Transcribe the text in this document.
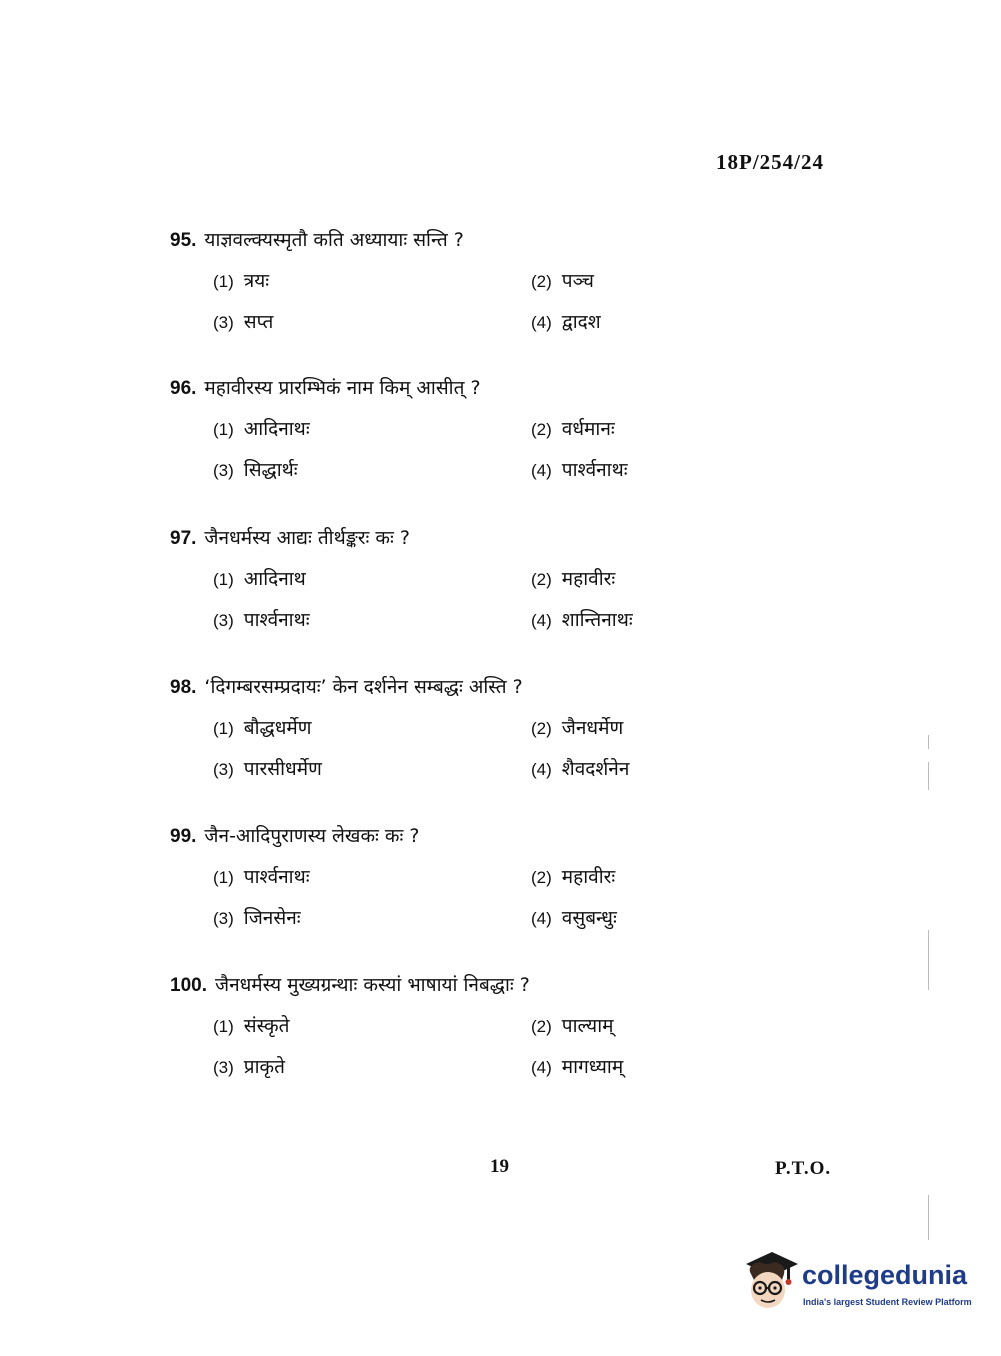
18P/254/24
95. याज्ञवल्क्यस्मृतौ कति अध्यायाः सन्ति ?
(1) त्रयः	(2) पञ्च
(3) सप्त	(4) द्वादश
96. महावीरस्य प्रारम्भिकं नाम किम् आसीत् ?
(1) आदिनाथः	(2) वर्धमानः
(3) सिद्धार्थः	(4) पार्श्वनाथः
97. जैनधर्मस्य आद्यः तीर्थङ्करः कः ?
(1) आदिनाथ	(2) महावीरः
(3) पार्श्वनाथः	(4) शान्तिनाथः
98. ‘दिगम्बरसम्प्रदायः’ केन दर्शनेन सम्बद्धः अस्ति ?
(1) बौद्धधर्मेण	(2) जैनधर्मेण
(3) पारसीधर्मेण	(4) शैवदर्शनेन
99. जैन-आदिपुराणस्य लेखकः कः ?
(1) पार्श्वनाथः	(2) महावीरः
(3) जिनसेनः	(4) वसुबन्धुः
100. जैनधर्मस्य मुख्यग्रन्थाः कस्यां भाषायां निबद्धाः ?
(1) संस्कृते	(2) पाल्याम्
(3) प्राकृते	(4) मागध्याम्
19	P.T.O.
collegedunia
India's largest Student Review Platform
